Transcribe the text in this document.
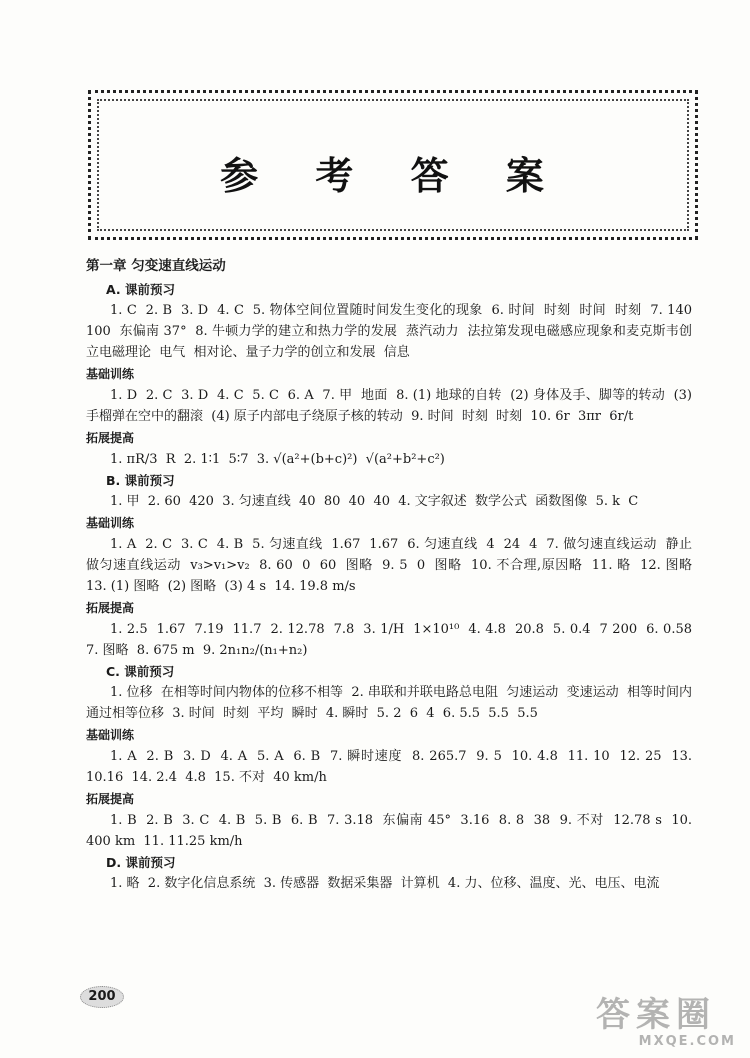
参 考 答 案
第一章 匀变速直线运动
A. 课前预习
1. C  2. B  3. D  4. C  5. 物体空间位置随时间发生变化的现象  6. 时间  时刻  时间  时刻  7. 140  100  东偏南 37°  8. 牛顿力学的建立和热力学的发展  蒸汽动力  法拉第发现电磁感应现象和麦克斯韦创立电磁理论  电气  相对论、量子力学的创立和发展  信息
基础训练
1. D  2. C  3. D  4. C  5. C  6. A  7. 甲  地面  8. (1) 地球的自转  (2) 身体及手、脚等的转动  (3) 手榴弹在空中的翻滚  (4) 原子内部电子绕原子核的转动  9. 时间  时刻  时刻  10. 6r  3πr  6r/t
拓展提高
1. πR/3  R  2. 1∶1  5∶7  3. √(a²+(b+c)²)  √(a²+b²+c²)
B. 课前预习
1. 甲  2. 60  420  3. 匀速直线  40  80  40  40  4. 文字叙述  数学公式  函数图像  5. k  C
基础训练
1. A  2. C  3. C  4. B  5. 匀速直线  1.67  1.67  6. 匀速直线  4  24  4  7. 做匀速直线运动  静止  做匀速直线运动  v₃>v₁>v₂  8. 60  0  60  图略  9. 5  0  图略  10. 不合理,原因略  11. 略  12. 图略  13. (1) 图略  (2) 图略  (3) 4 s  14. 19.8 m/s
拓展提高
1. 2.5  1.67  7.19  11.7  2. 12.78  7.8  3. 1/H  1×10¹⁰  4. 4.8  20.8  5. 0.4  7 200  6. 0.58  7. 图略  8. 675 m  9. 2n₁n₂/(n₁+n₂)
C. 课前预习
1. 位移  在相等时间内物体的位移不相等  2. 串联和并联电路总电阻  匀速运动  变速运动  相等时间内通过相等位移  3. 时间  时刻  平均  瞬时  4. 瞬时  5. 2  6  4  6. 5.5  5.5  5.5
基础训练
1. A  2. B  3. D  4. A  5. A  6. B  7. 瞬时速度  8. 265.7  9. 5  10. 4.8  11. 10  12. 25  13. 10.16  14. 2.4  4.8  15. 不对  40 km/h
拓展提高
1. B  2. B  3. C  4. B  5. B  6. B  7. 3.18  东偏南 45°  3.16  8. 8  38  9. 不对  12.78 s  10. 400 km  11. 11.25 km/h
D. 课前预习
1. 略  2. 数字化信息系统  3. 传感器  数据采集器  计算机  4. 力、位移、温度、光、电压、电流
200	答案圈
MXQE.COM
